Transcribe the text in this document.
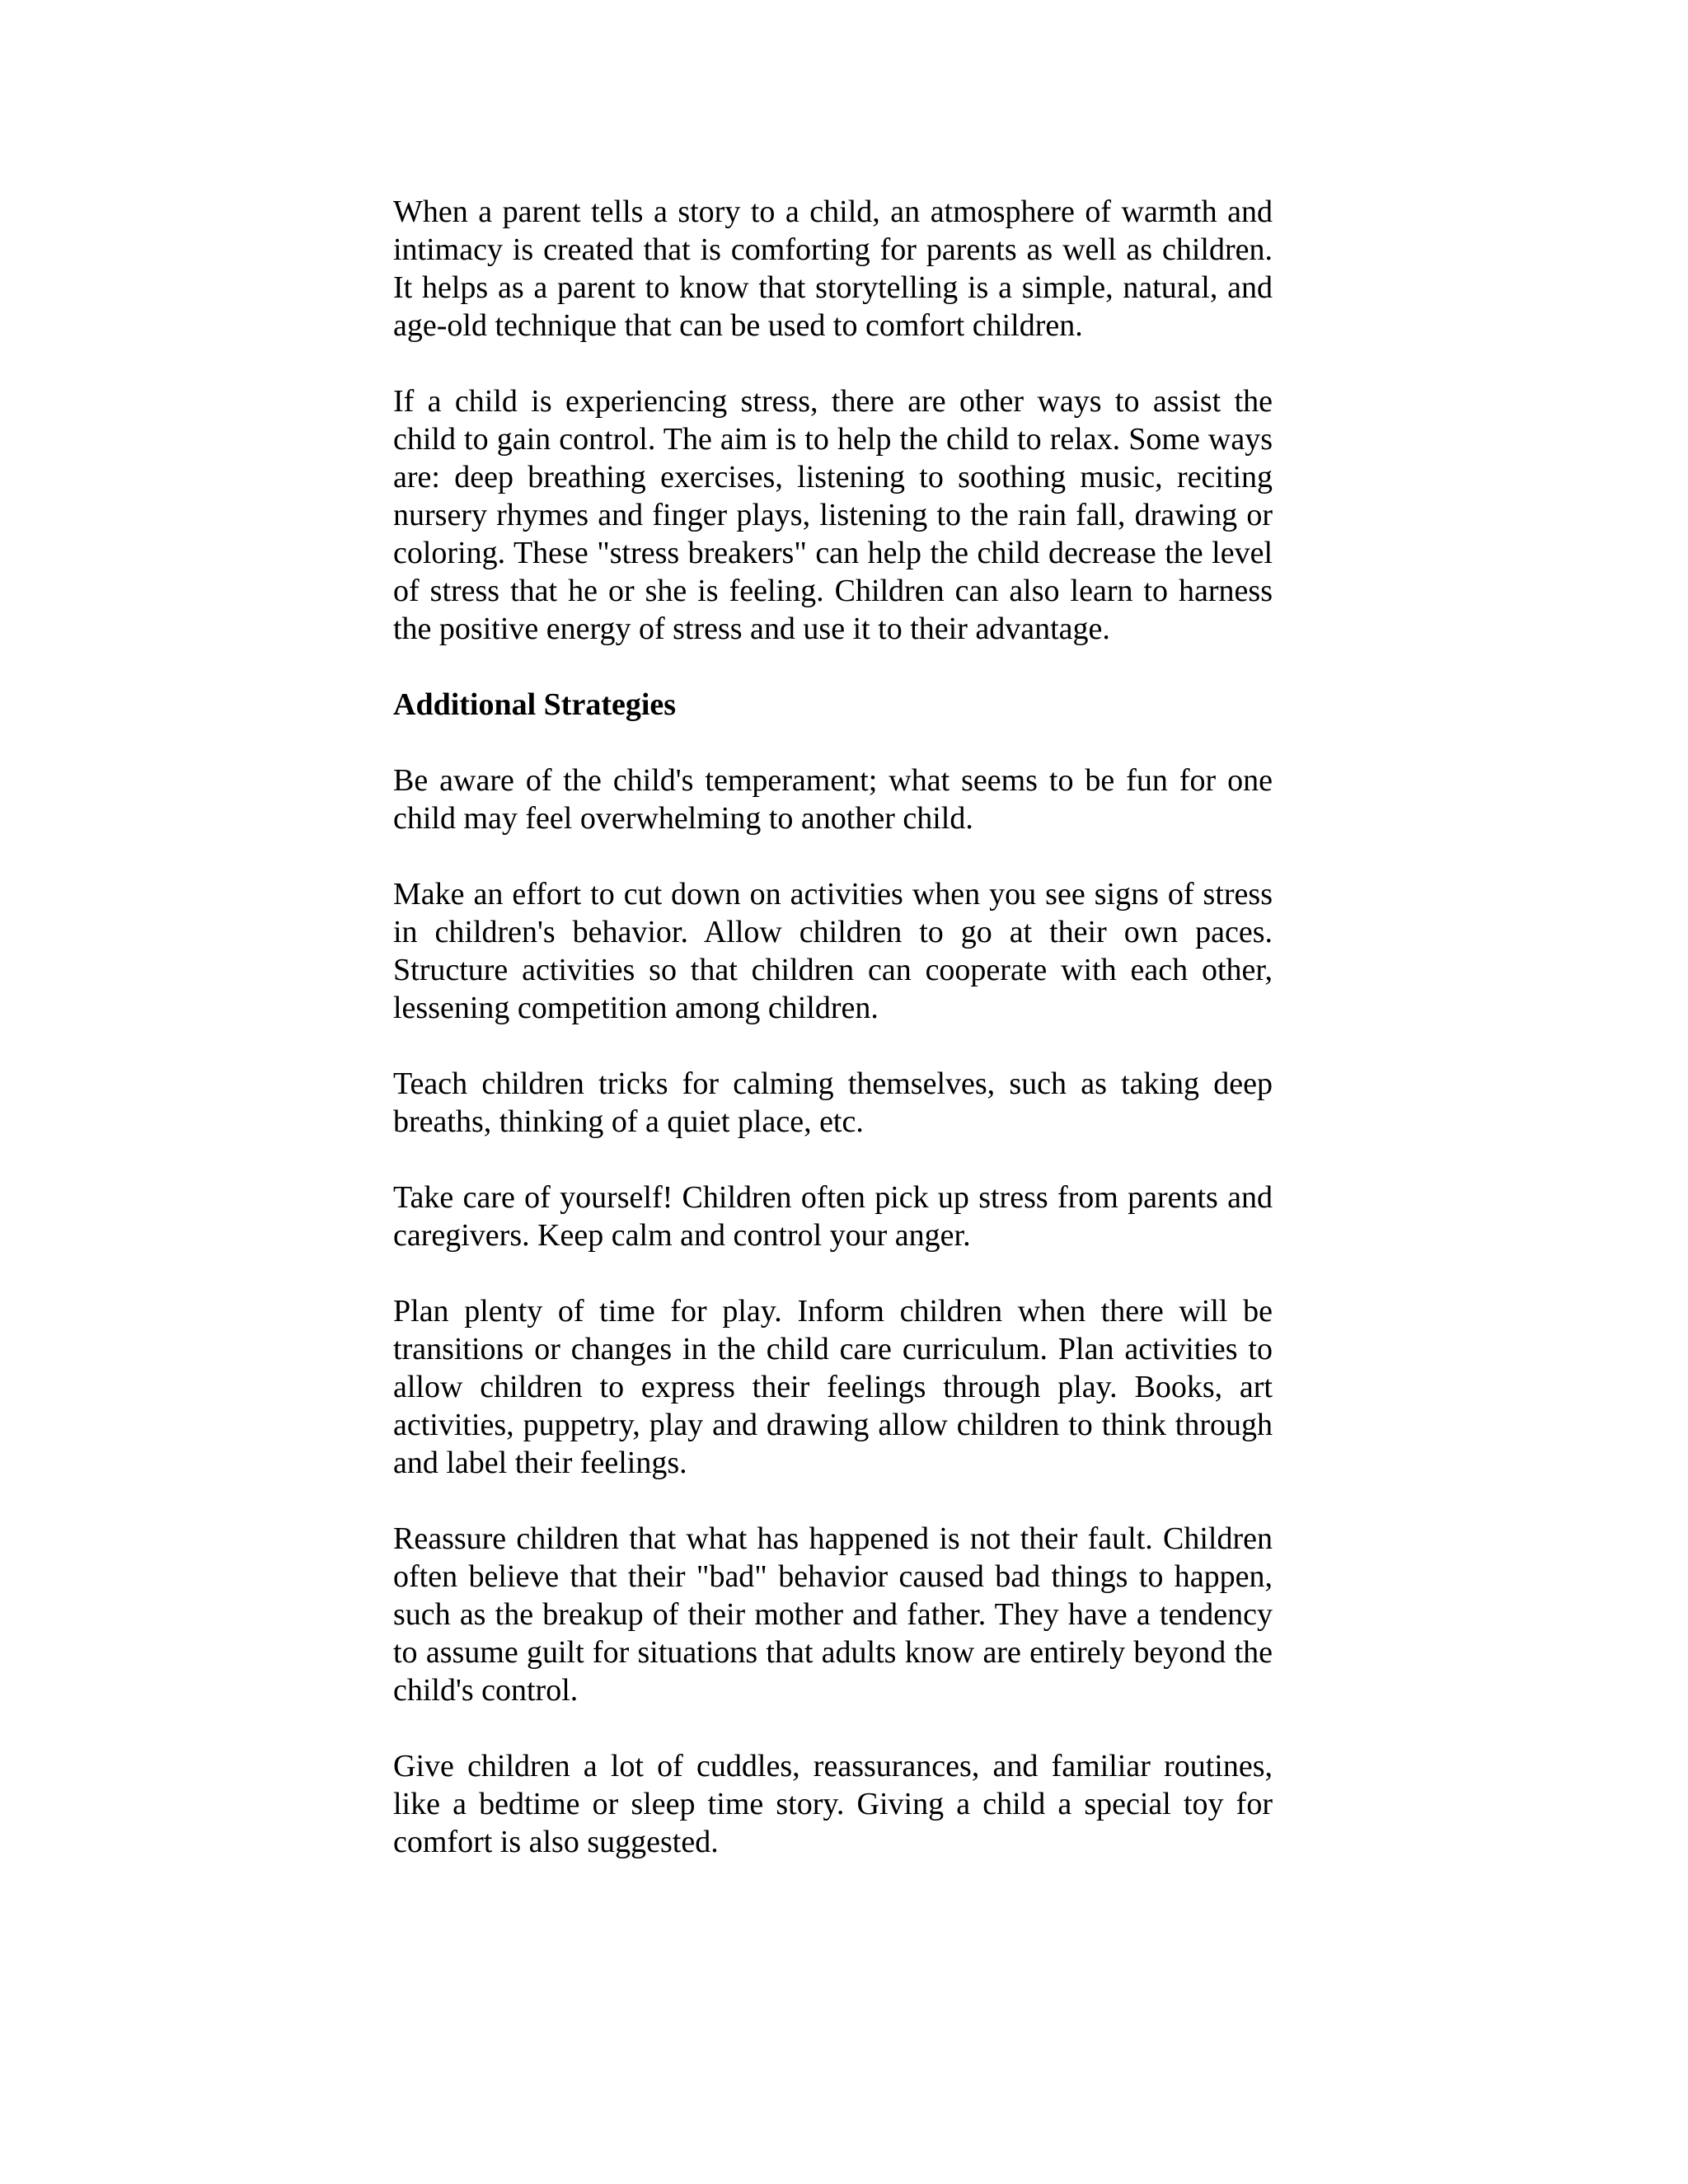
When a parent tells a story to a child, an atmosphere of warmth and intimacy is created that is comforting for parents as well as children. It helps as a parent to know that storytelling is a simple, natural, and age-old technique that can be used to comfort children.

If a child is experiencing stress, there are other ways to assist the child to gain control. The aim is to help the child to relax. Some ways are: deep breathing exercises, listening to soothing music, reciting nursery rhymes and finger plays, listening to the rain fall, drawing or coloring. These "stress breakers" can help the child decrease the level of stress that he or she is feeling. Children can also learn to harness the positive energy of stress and use it to their advantage.

Additional Strategies

Be aware of the child's temperament; what seems to be fun for one child may feel overwhelming to another child.

Make an effort to cut down on activities when you see signs of stress in children's behavior. Allow children to go at their own paces. Structure activities so that children can cooperate with each other, lessening competition among children.

Teach children tricks for calming themselves, such as taking deep breaths, thinking of a quiet place, etc.

Take care of yourself! Children often pick up stress from parents and caregivers. Keep calm and control your anger.

Plan plenty of time for play. Inform children when there will be transitions or changes in the child care curriculum. Plan activities to allow children to express their feelings through play. Books, art activities, puppetry, play and drawing allow children to think through and label their feelings.

Reassure children that what has happened is not their fault. Children often believe that their "bad" behavior caused bad things to happen, such as the breakup of their mother and father. They have a tendency to assume guilt for situations that adults know are entirely beyond the child's control.

Give children a lot of cuddles, reassurances, and familiar routines, like a bedtime or sleep time story. Giving a child a special toy for comfort is also suggested.
